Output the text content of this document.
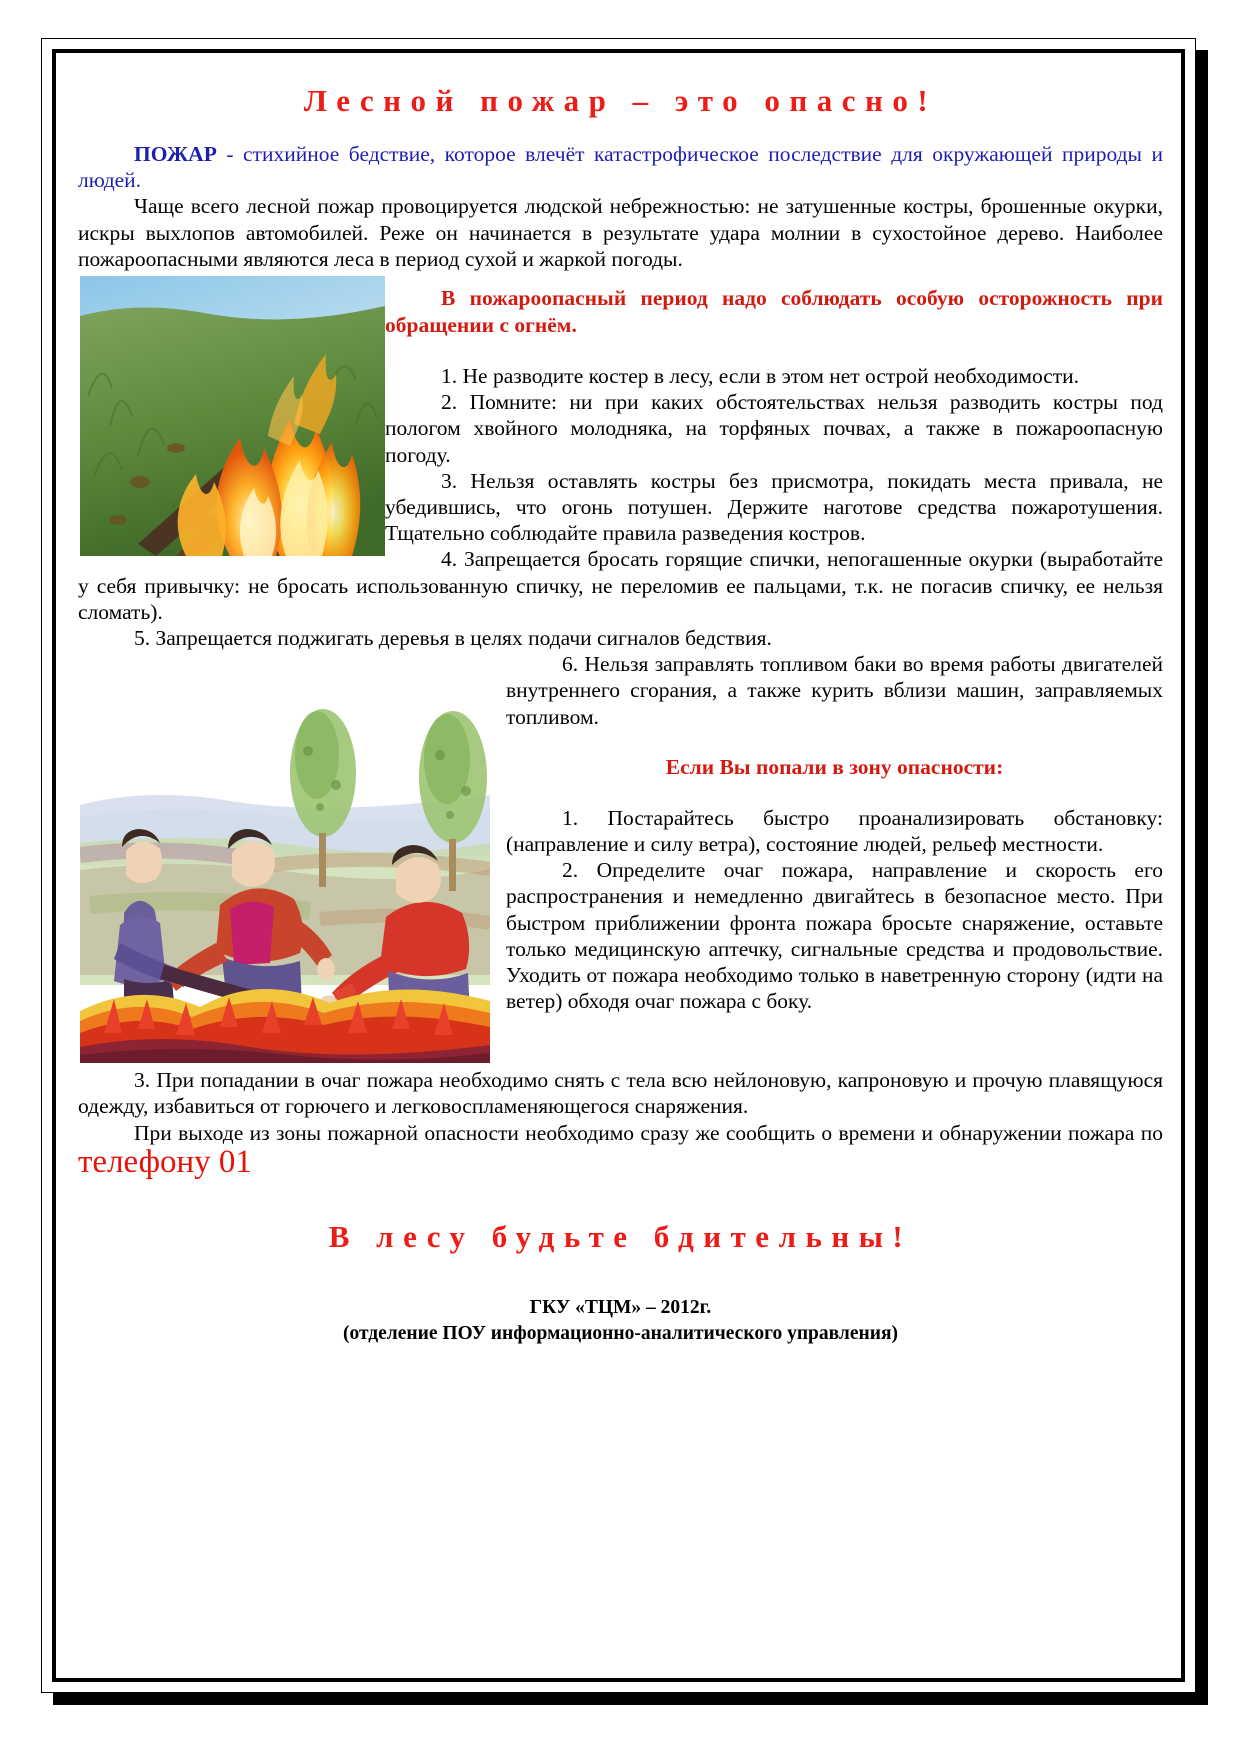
Лесной пожар – это опасно!

ПОЖАР - стихийное бедствие, которое влечёт катастрофическое последствие для окружающей природы и людей.

Чаще всего лесной пожар провоцируется людской небрежностью: не затушенные костры, брошенные окурки, искры выхлопов автомобилей. Реже он начинается в результате удара молнии в сухостойное дерево. Наиболее пожароопасными являются леса в период сухой и жаркой погоды.

В пожароопасный период надо соблюдать особую осторожность при обращении с огнём.

1. Не разводите костер в лесу, если в этом нет острой необходимости.

2. Помните: ни при каких обстоятельствах нельзя разводить костры под пологом хвойного молодняка, на торфяных почвах, а также в пожароопасную погоду.

3. Нельзя оставлять костры без присмотра, покидать места привала, не убедившись, что огонь потушен. Держите наготове средства пожаротушения. Тщательно соблюдайте правила разведения костров.

4. Запрещается бросать горящие спички, непогашенные окурки (выработайте у себя привычку: не бросать использованную спичку, не переломив ее пальцами, т.к. не погасив спичку, ее нельзя сломать).

5. Запрещается поджигать деревья в целях подачи сигналов бедствия.

6. Нельзя заправлять топливом баки во время работы двигателей внутреннего сгорания, а также курить вблизи машин, заправляемых топливом.

Если Вы попали в зону опасности:

1. Постарайтесь быстро проанализировать обстановку: (направление и силу ветра), состояние людей, рельеф местности.

2. Определите очаг пожара, направление и скорость его распространения и немедленно двигайтесь в безопасное место. При быстром приближении фронта пожара бросьте снаряжение, оставьте только медицинскую аптечку, сигнальные средства и продовольствие. Уходить от пожара необходимо только в наветренную сторону (идти на ветер) обходя очаг пожара с боку.

3. При попадании в очаг пожара необходимо снять с тела всю нейлоновую, капроновую и прочую плавящуюся одежду, избавиться от горючего и легковоспламеняющегося снаряжения.

При выходе из зоны пожарной опасности необходимо сразу же сообщить о времени и обнаружении пожара по телефону 01

В лесу будьте бдительны!
ГКУ «ТЦМ» – 2012г.
(отделение ПОУ информационно-аналитического управления)
